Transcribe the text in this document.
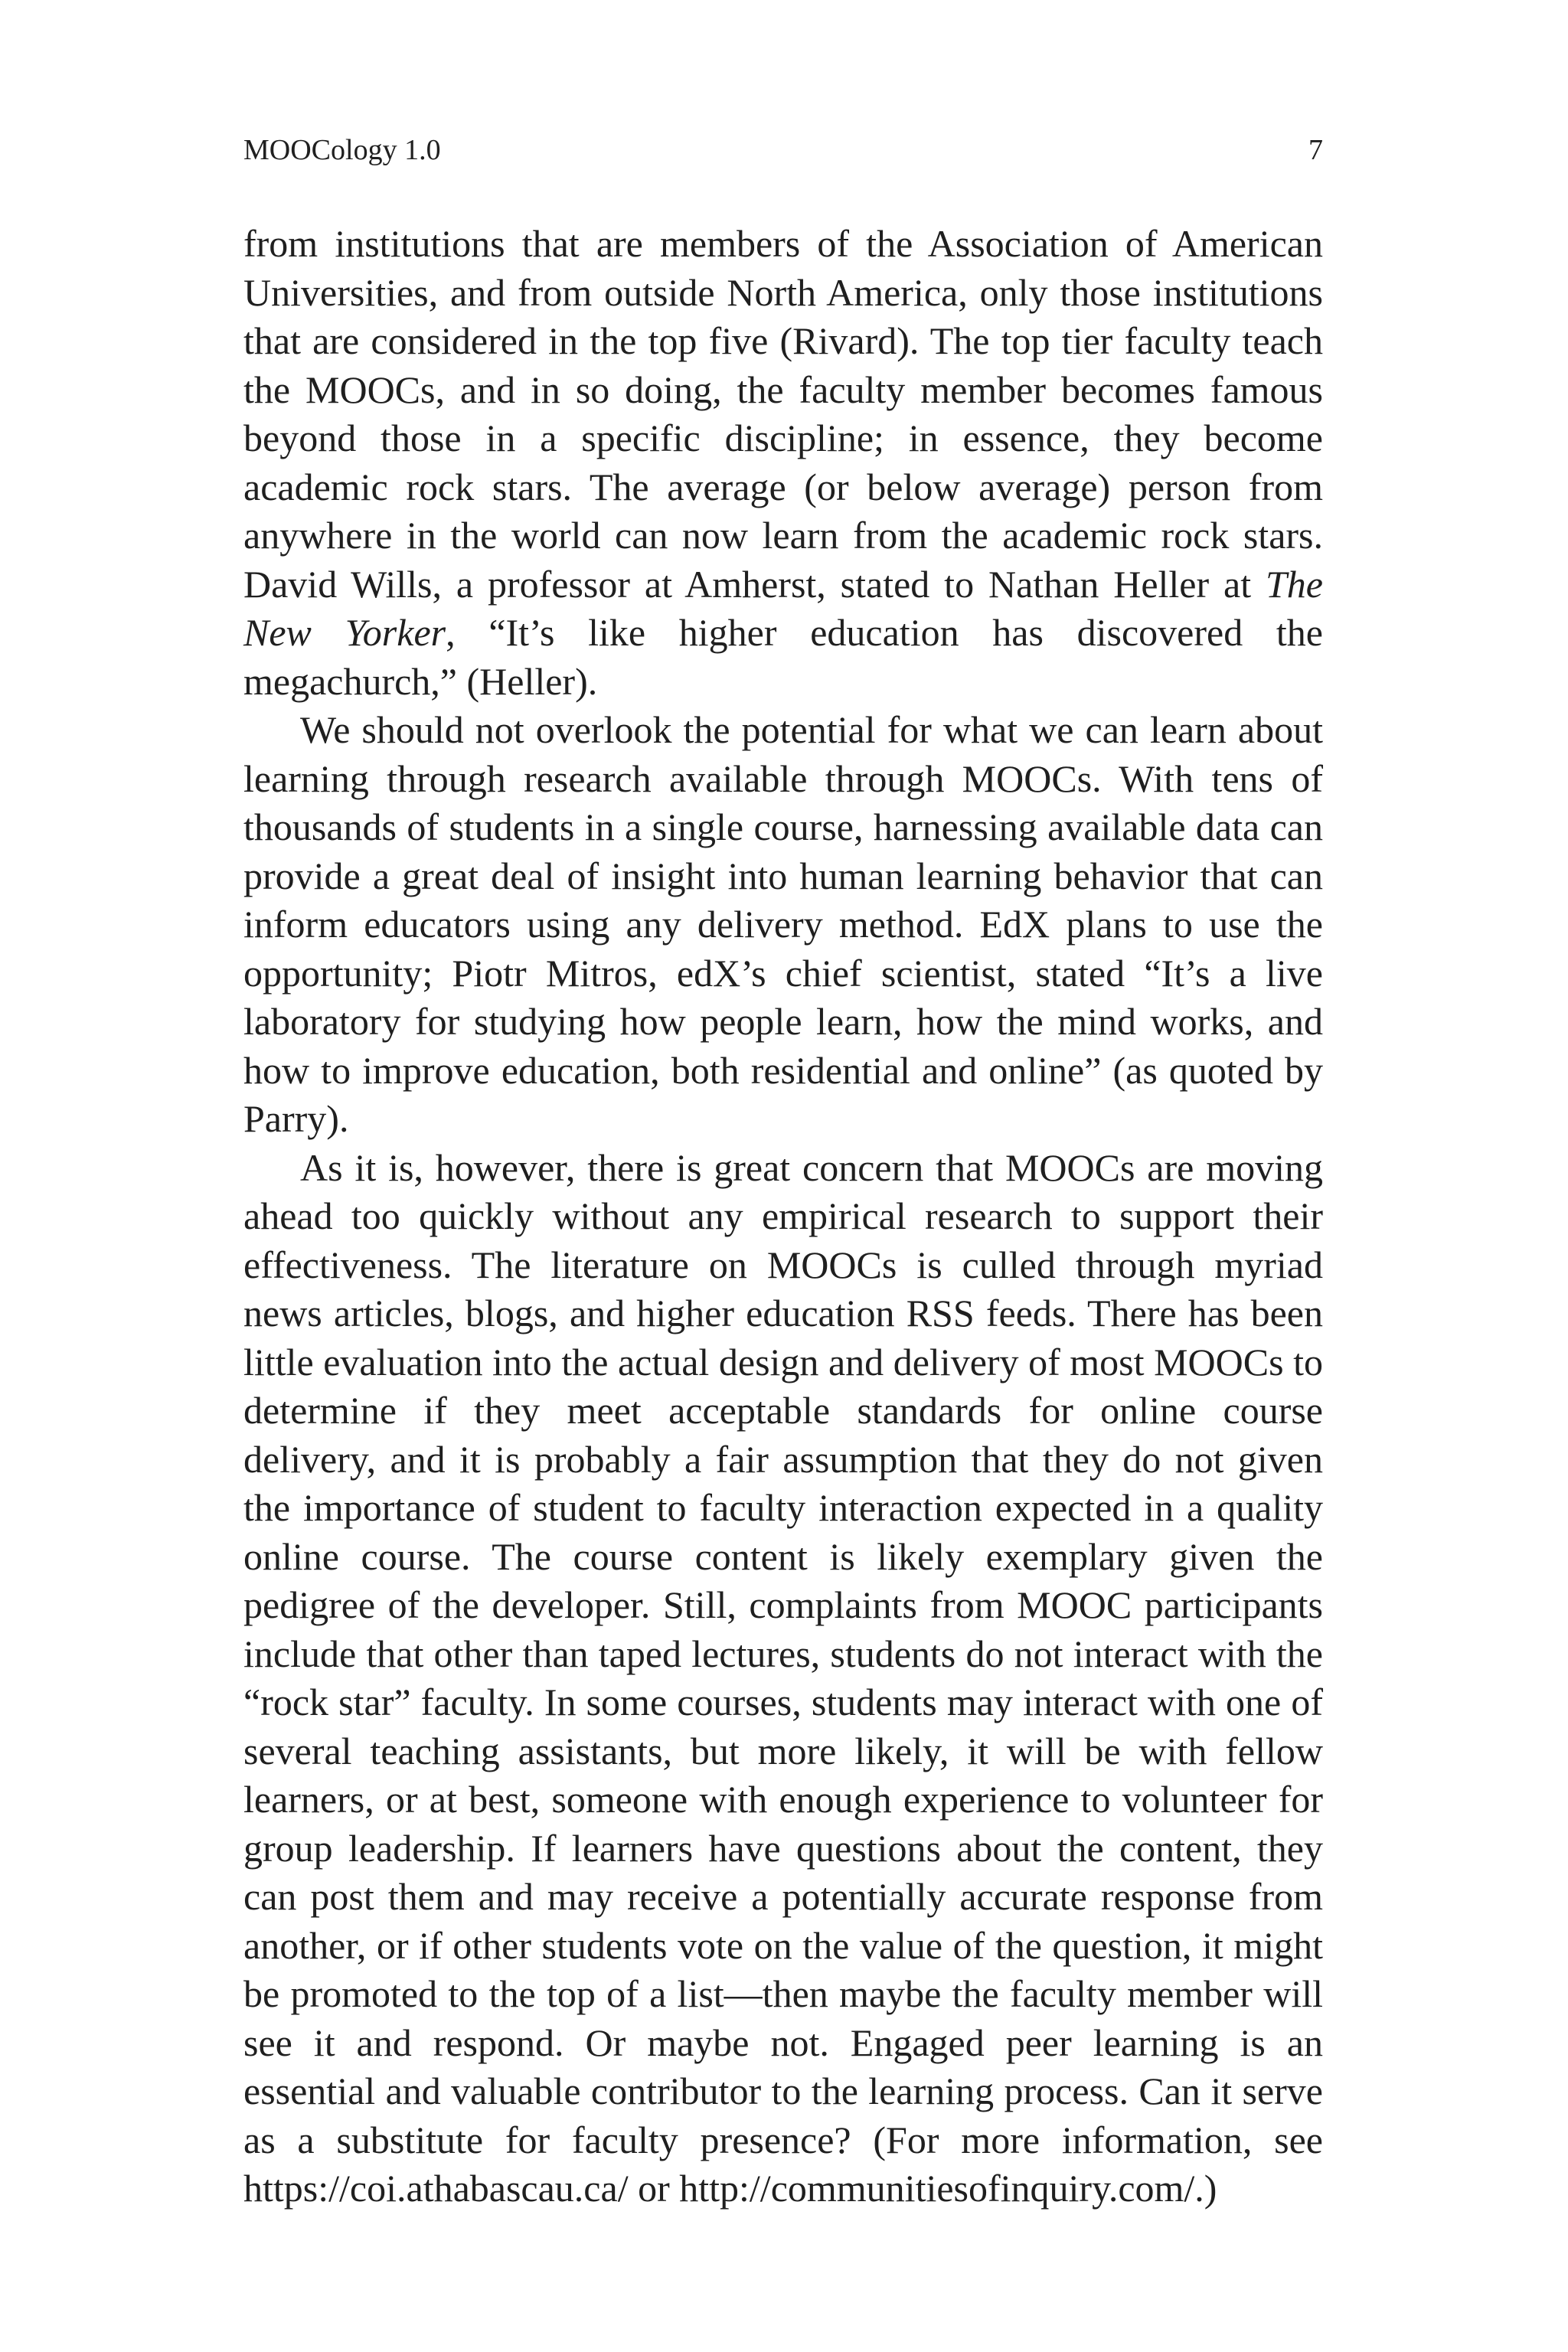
MOOCology 1.0	7

from institutions that are members of the Association of American Universities, and from outside North America, only those institutions that are considered in the top five (Rivard). The top tier faculty teach the MOOCs, and in so doing, the faculty member becomes famous beyond those in a specific discipline; in essence, they become academic rock stars. The average (or below average) person from anywhere in the world can now learn from the academic rock stars. David Wills, a professor at Amherst, stated to Nathan Heller at The New Yorker, “It’s like higher education has discovered the megachurch,” (Heller).

We should not overlook the potential for what we can learn about learning through research available through MOOCs. With tens of thousands of students in a single course, harnessing available data can provide a great deal of insight into human learning behavior that can inform educators using any delivery method. EdX plans to use the opportunity; Piotr Mitros, edX’s chief scientist, stated “It’s a live laboratory for studying how people learn, how the mind works, and how to improve education, both residential and online” (as quoted by Parry).

As it is, however, there is great concern that MOOCs are moving ahead too quickly without any empirical research to support their effectiveness. The literature on MOOCs is culled through myriad news articles, blogs, and higher education RSS feeds. There has been little evaluation into the actual design and delivery of most MOOCs to determine if they meet acceptable standards for online course delivery, and it is probably a fair assumption that they do not given the importance of student to faculty interaction expected in a quality online course. The course content is likely exemplary given the pedigree of the developer. Still, complaints from MOOC participants include that other than taped lectures, students do not interact with the “rock star” faculty. In some courses, students may interact with one of several teaching assistants, but more likely, it will be with fellow learners, or at best, someone with enough experience to volunteer for group leadership. If learners have questions about the content, they can post them and may receive a potentially accurate response from another, or if other students vote on the value of the question, it might be promoted to the top of a list—then maybe the faculty member will see it and respond. Or maybe not. Engaged peer learning is an essential and valuable contributor to the learning process. Can it serve as a substitute for faculty presence? (For more information, see https://coi.athabascau.ca/ or http://communitiesofinquiry.com/.)
